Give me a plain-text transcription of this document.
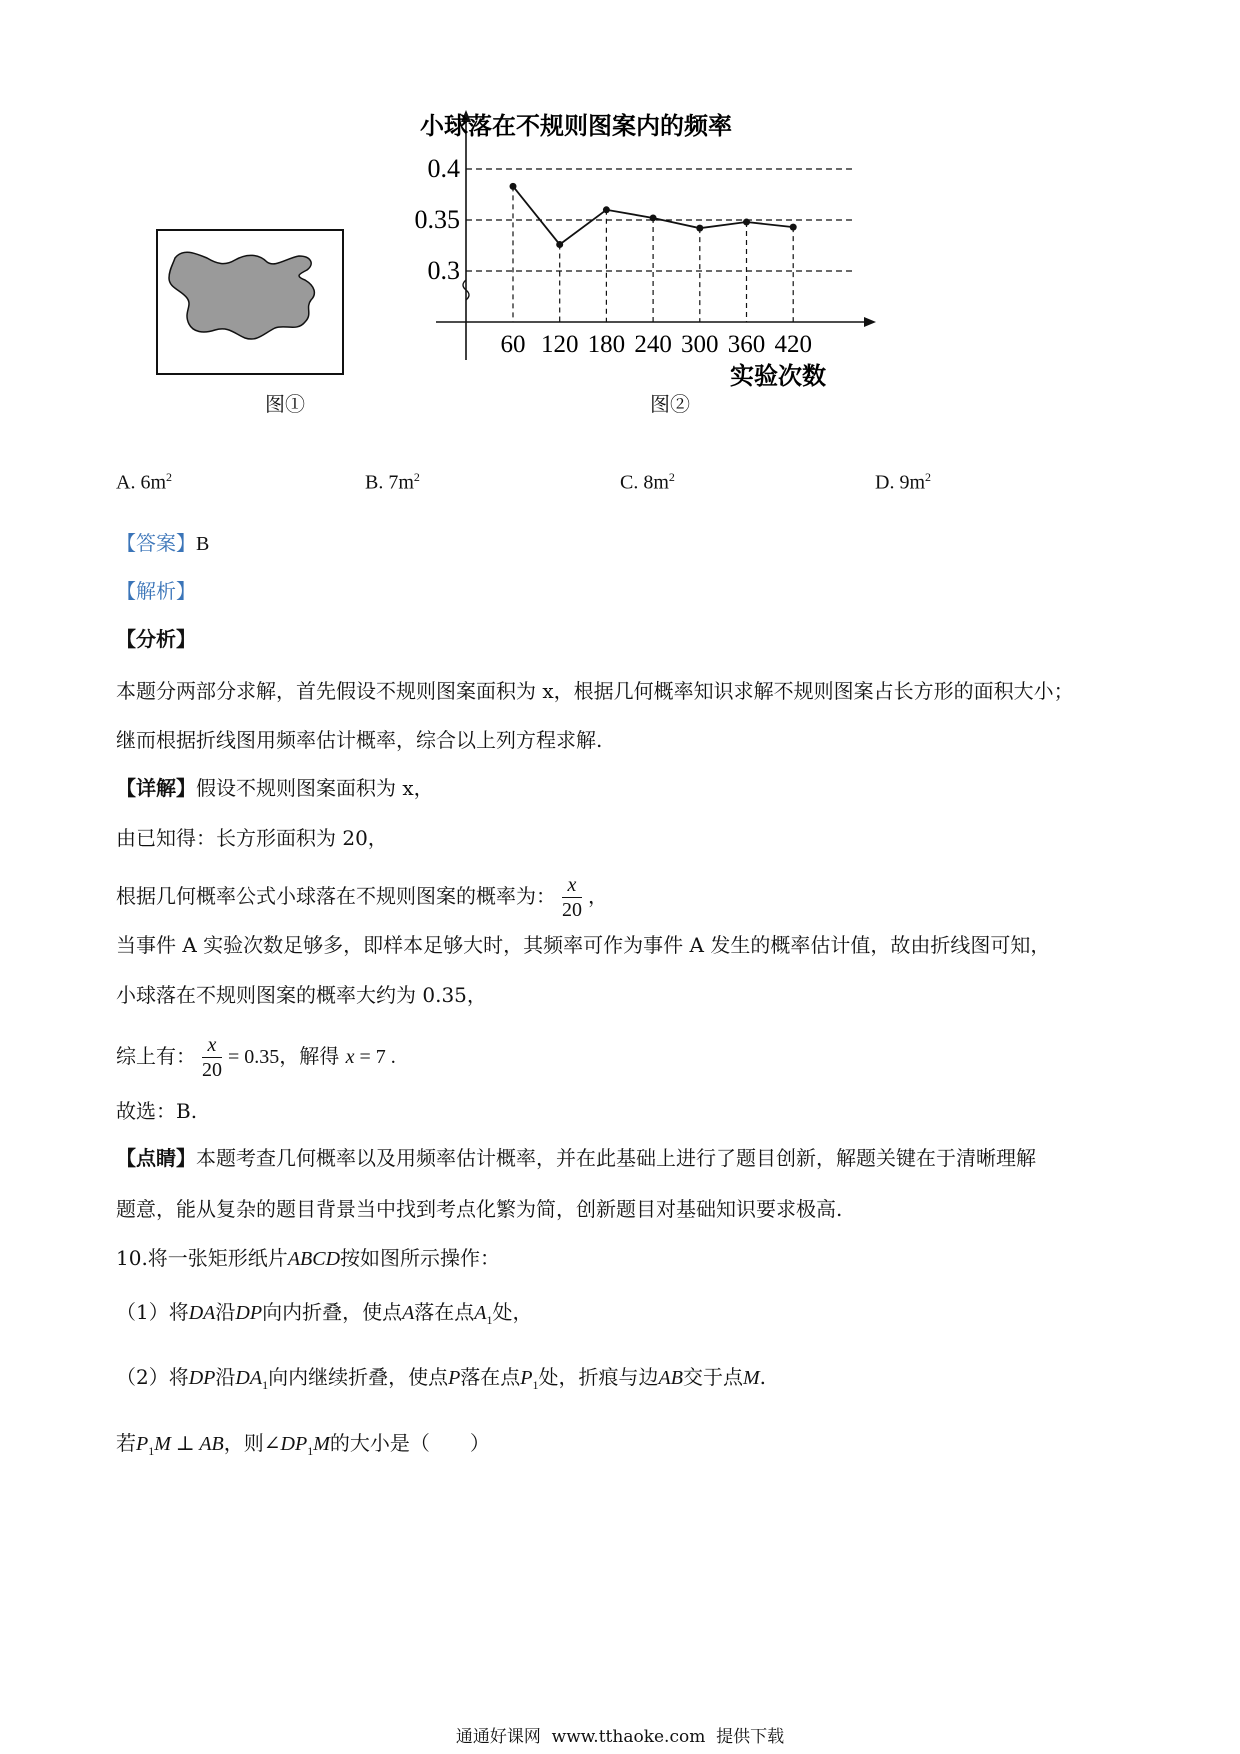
图①
0.4
0.35
0.3
60 120 180 240 300 360 420
小球落在不规则图案内的频率
实验次数
图②
A. $6m^2$	B. $7m^2$	C. $8m^2$	D. $9m^2$
【答案】B
【解析】
【分析】
本题分两部分求解，首先假设不规则图案面积为 x，根据几何概率知识求解不规则图案占长方形的面积大小；
继而根据折线图用频率估计概率，综合以上列方程求解.
【详解】假设不规则图案面积为 x，
由已知得：长方形面积为 20，
根据几何概率公式小球落在不规则图案的概率为： $\frac{x}{20}$ ，
当事件 A 实验次数足够多，即样本足够大时，其频率可作为事件 A 发生的概率估计值，故由折线图可知，
小球落在不规则图案的概率大约为 0.35，
综上有： $\frac{x}{20} = 0.35$，解得 x = 7 .
故选：B.
【点睛】本题考查几何概率以及用频率估计概率，并在此基础上进行了题目创新，解题关键在于清晰理解
题意，能从复杂的题目背景当中找到考点化繁为简，创新题目对基础知识要求极高.
10.将一张矩形纸片ABCD按如图所示操作：
（1）将DA沿DP向内折叠，使点A落在点$A_1$处，
（2）将DP沿$DA_1$向内继续折叠，使点P落在点$P_1$处，折痕与边AB交于点M.
若$P_1M$ ⊥ AB，则$\angle DP_1M$的大小是（　　）
通通好课网  www.tthaoke.com  提供下载
